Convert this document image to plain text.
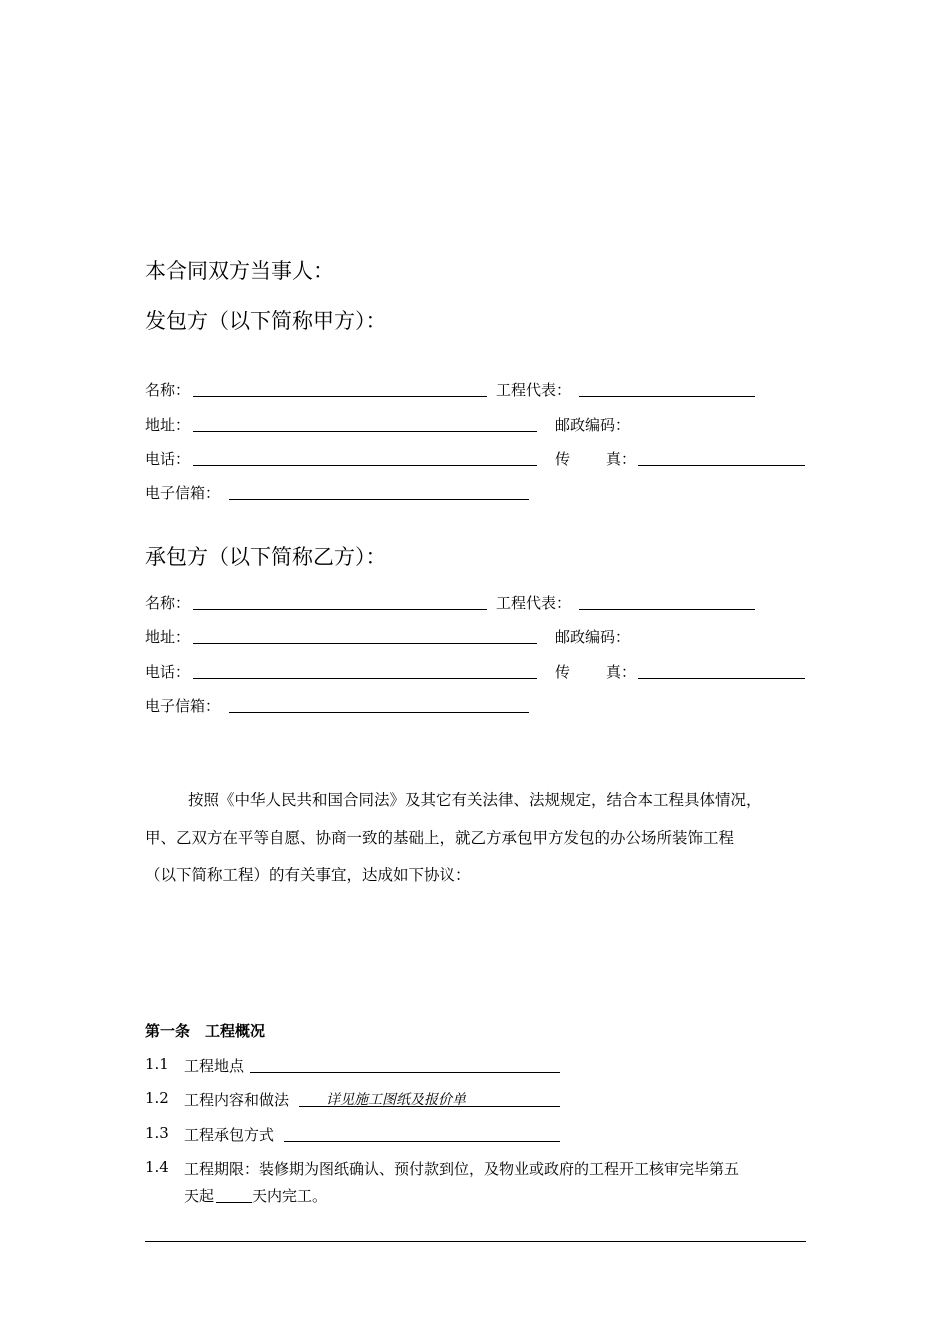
本合同双方当事人：
发包方（以下简称甲方）：
名称：	工程代表：
地址：	邮政编码：
电话：	传 真：
电子信箱：
承包方（以下简称乙方）：
名称：	工程代表：
地址：	邮政编码：
电话：	传 真：
电子信箱：
按照《中华人民共和国合同法》及其它有关法律、法规规定，结合本工程具体情况，
甲、乙双方在平等自愿、协商一致的基础上，就乙方承包甲方发包的办公场所装饰工程
（以下简称工程）的有关事宜，达成如下协议：
第一条　工程概况
1.1 工程地点
1.2 工程内容和做法	详见施工图纸及报价单
1.3 工程承包方式
1.4 工程期限：装修期为图纸确认、预付款到位，及物业或政府的工程开工核审完毕第五
天起	天内完工。
